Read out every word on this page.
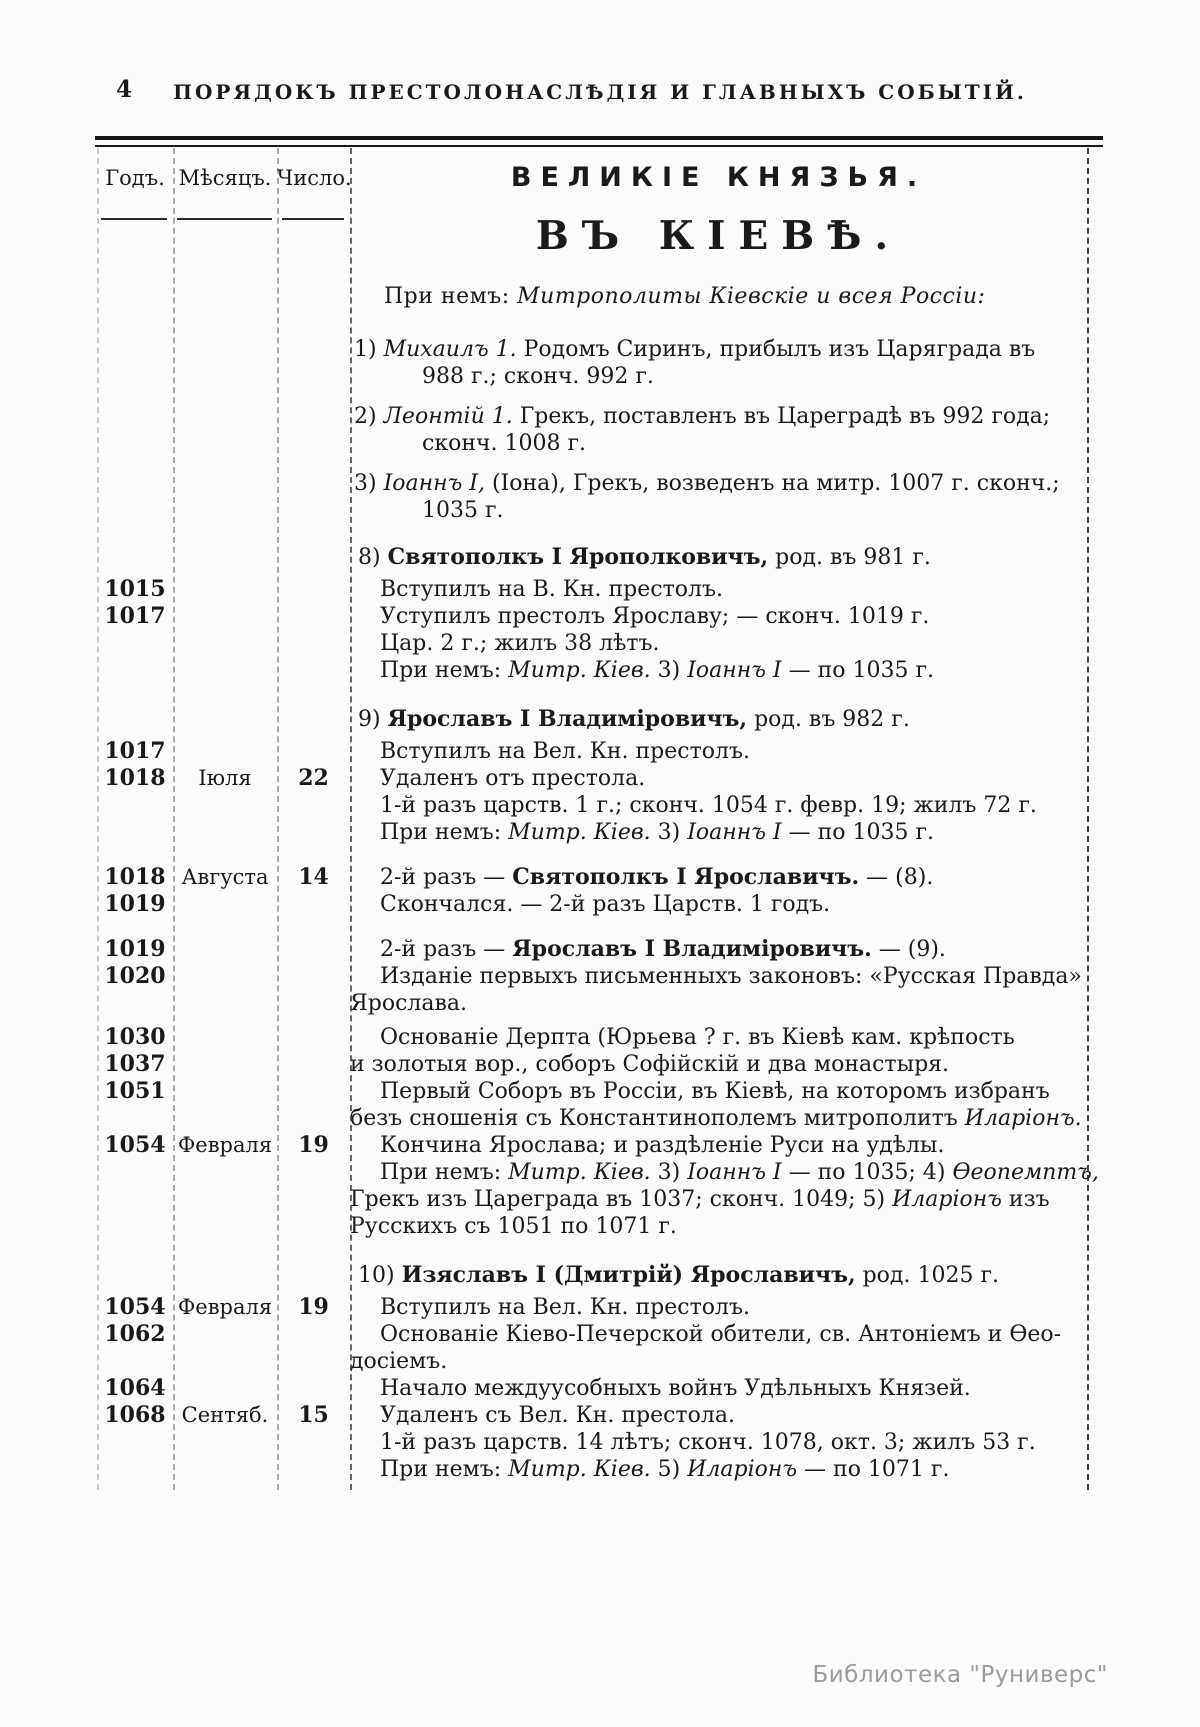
4	ПОРЯДОКЪ ПРЕСТОЛОНАСЛѢДІЯ И ГЛАВНЫХЪ СОБЫТІЙ.
Годъ. Мѣсяцъ. Число.	ВЕЛИКІЕ КНЯЗЬЯ.
ВЪ КІЕВѢ.
При немъ: Митрополиты Кіевскіе и всея Россіи:
1) Михаилъ 1. Родомъ Сиринъ, прибылъ изъ Царяграда въ
988 г.; сконч. 992 г.
2) Леонтій 1. Грекъ, поставленъ въ Цареградѣ въ 992 года;
сконч. 1008 г.
3) Іоаннъ I, (Іона), Грекъ, возведенъ на митр. 1007 г. сконч.;
1035 г.
8) Святополкъ I Ярополковичъ, род. въ 981 г.
1015	Вступилъ на В. Кн. престолъ.
1017	Уступилъ престолъ Ярославу; — сконч. 1019 г.
Цар. 2 г.; жилъ 38 лѣтъ.
При немъ: Митр. Кіев. 3) Іоаннъ I — по 1035 г.
9) Ярославъ I Владиміровичъ, род. въ 982 г.
1017	Вступилъ на Вел. Кн. престолъ.
1018	Іюля	22	Удаленъ отъ престола.
1-й разъ царств. 1 г.; сконч. 1054 г. февр. 19; жилъ 72 г.
При немъ: Митр. Кіев. 3) Іоаннъ I — по 1035 г.
1018 Августа	14	2-й разъ — Святополкъ I Ярославичъ. — (8).
1019	Скончался. — 2-й разъ Царств. 1 годъ.
1019	2-й разъ — Ярославъ I Владиміровичъ. — (9).
1020	Изданіе первыхъ письменныхъ законовъ: «Русская Правда»
Ярослава.
1030	Основаніе Дерпта (Юрьева ? г. въ Кіевѣ кам. крѣпость
1037	и золотыя вор., соборъ Софійскій и два монастыря.
1051	Первый Соборъ въ Россіи, въ Кіевѣ, на которомъ избранъ
безъ сношенія съ Константинополемъ митрополитъ Иларіонъ.
1054 Февраля	19	Кончина Ярослава; и раздѣленіе Руси на удѣлы.
При немъ: Митр. Кіев. 3) Іоаннъ I — по 1035; 4) Ѳеопемптъ,
Грекъ изъ Цареграда въ 1037; сконч. 1049; 5) Иларіонъ изъ
Русскихъ съ 1051 по 1071 г.
10) Изяславъ I (Дмитрій) Ярославичъ, род. 1025 г.
1054 Февраля	19	Вступилъ на Вел. Кн. престолъ.
1062	Основаніе Кіево-Печерской обители, св. Антоніемъ и Ѳео-
досіемъ.
1064	Начало междуусобныхъ войнъ Удѣльныхъ Князей.
1068 Сентяб.	15	Удаленъ съ Вел. Кн. престола.
1-й разъ царств. 14 лѣтъ; сконч. 1078, окт. 3; жилъ 53 г.
При немъ: Митр. Кіев. 5) Иларіонъ — по 1071 г.
Библиотека "Руниверс"
